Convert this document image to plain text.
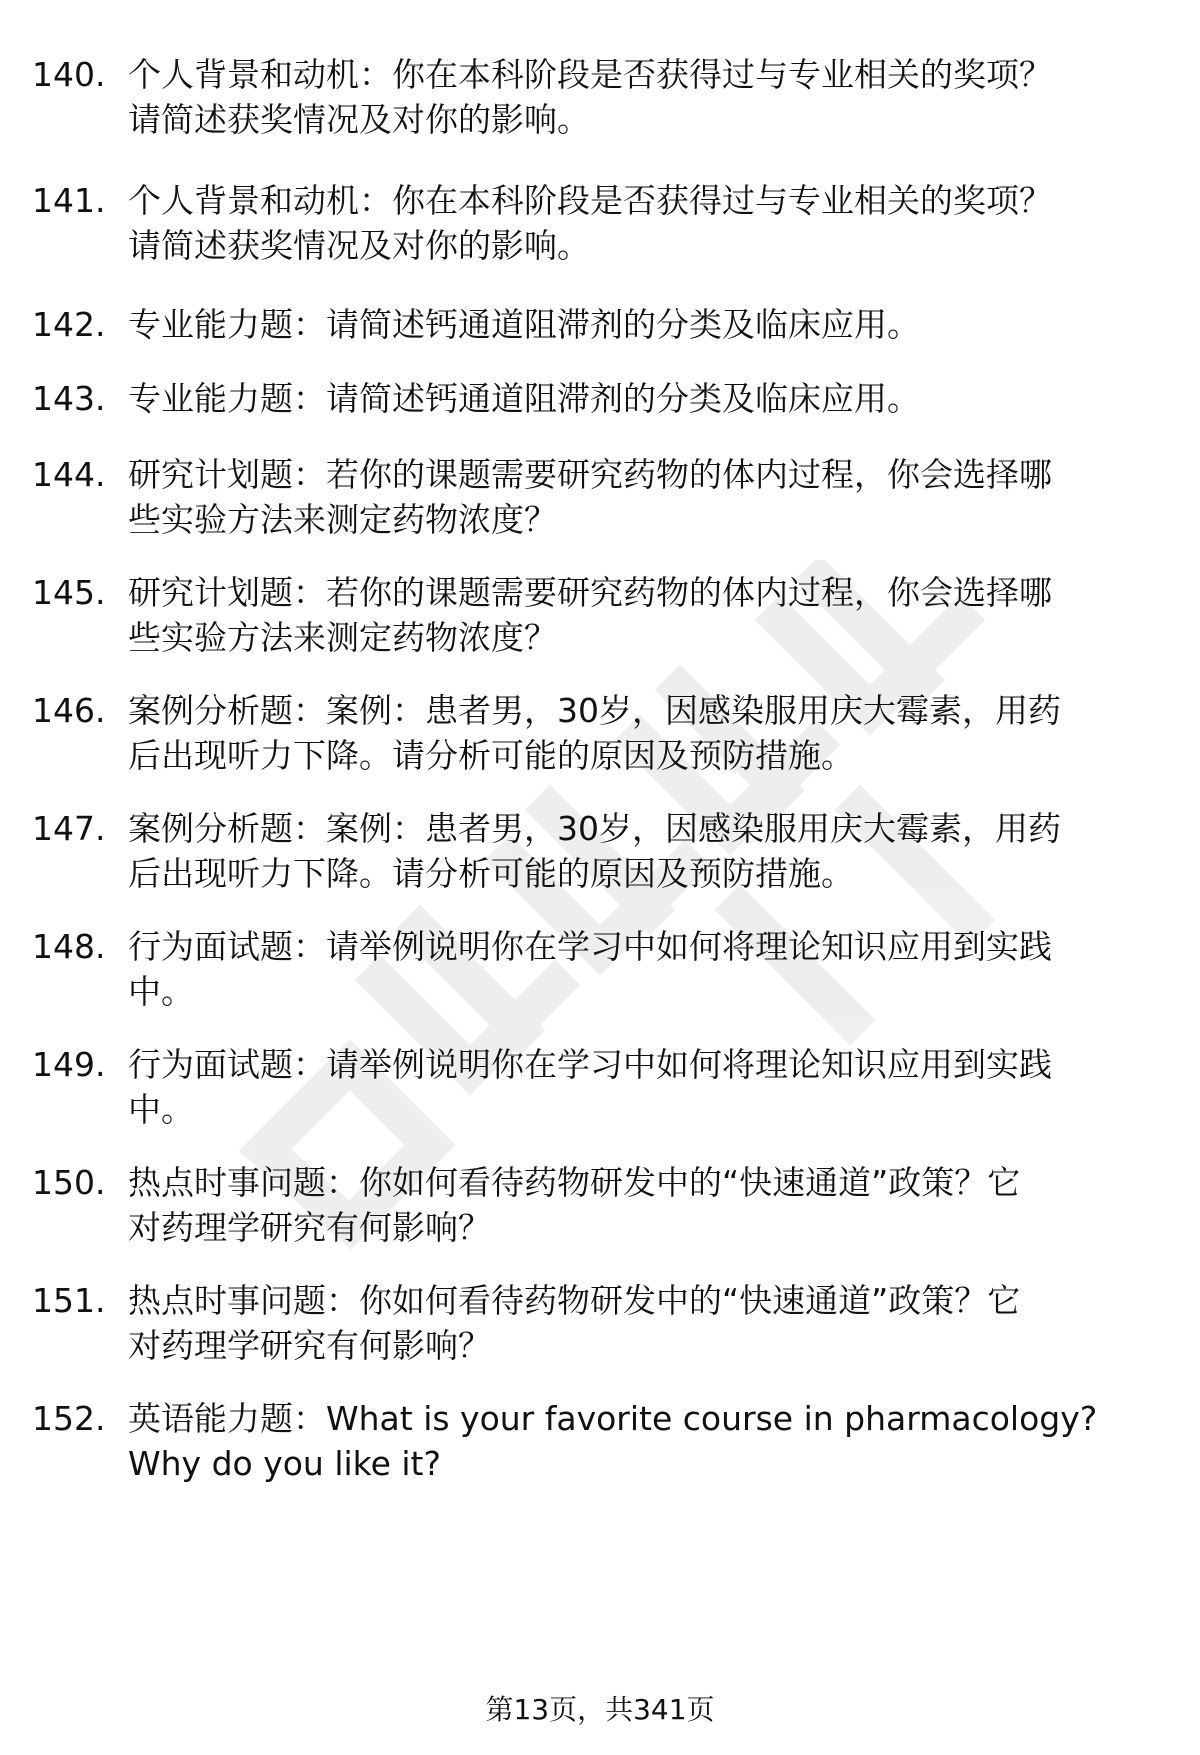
140. 个人背景和动机：你在本科阶段是否获得过与专业相关的奖项？
请简述获奖情况及对你的影响。
141. 个人背景和动机：你在本科阶段是否获得过与专业相关的奖项？
请简述获奖情况及对你的影响。
142. 专业能力题：请简述钙通道阻滞剂的分类及临床应用。
143. 专业能力题：请简述钙通道阻滞剂的分类及临床应用。
144. 研究计划题：若你的课题需要研究药物的体内过程，你会选择哪
些实验方法来测定药物浓度？
145. 研究计划题：若你的课题需要研究药物的体内过程，你会选择哪
些实验方法来测定药物浓度？
146. 案例分析题：案例：患者男，30岁，因感染服用庆大霉素，用药
后出现听力下降。请分析可能的原因及预防措施。
147. 案例分析题：案例：患者男，30岁，因感染服用庆大霉素，用药
后出现听力下降。请分析可能的原因及预防措施。
148. 行为面试题：请举例说明你在学习中如何将理论知识应用到实践
中。
149. 行为面试题：请举例说明你在学习中如何将理论知识应用到实践
中。
150. 热点时事问题：你如何看待药物研发中的“快速通道”政策？它
对药理学研究有何影响？
151. 热点时事问题：你如何看待药物研发中的“快速通道”政策？它
对药理学研究有何影响？
152. 英语能力题：What is your favorite course in pharmacology?
Why do you like it?
第13页，共341页
